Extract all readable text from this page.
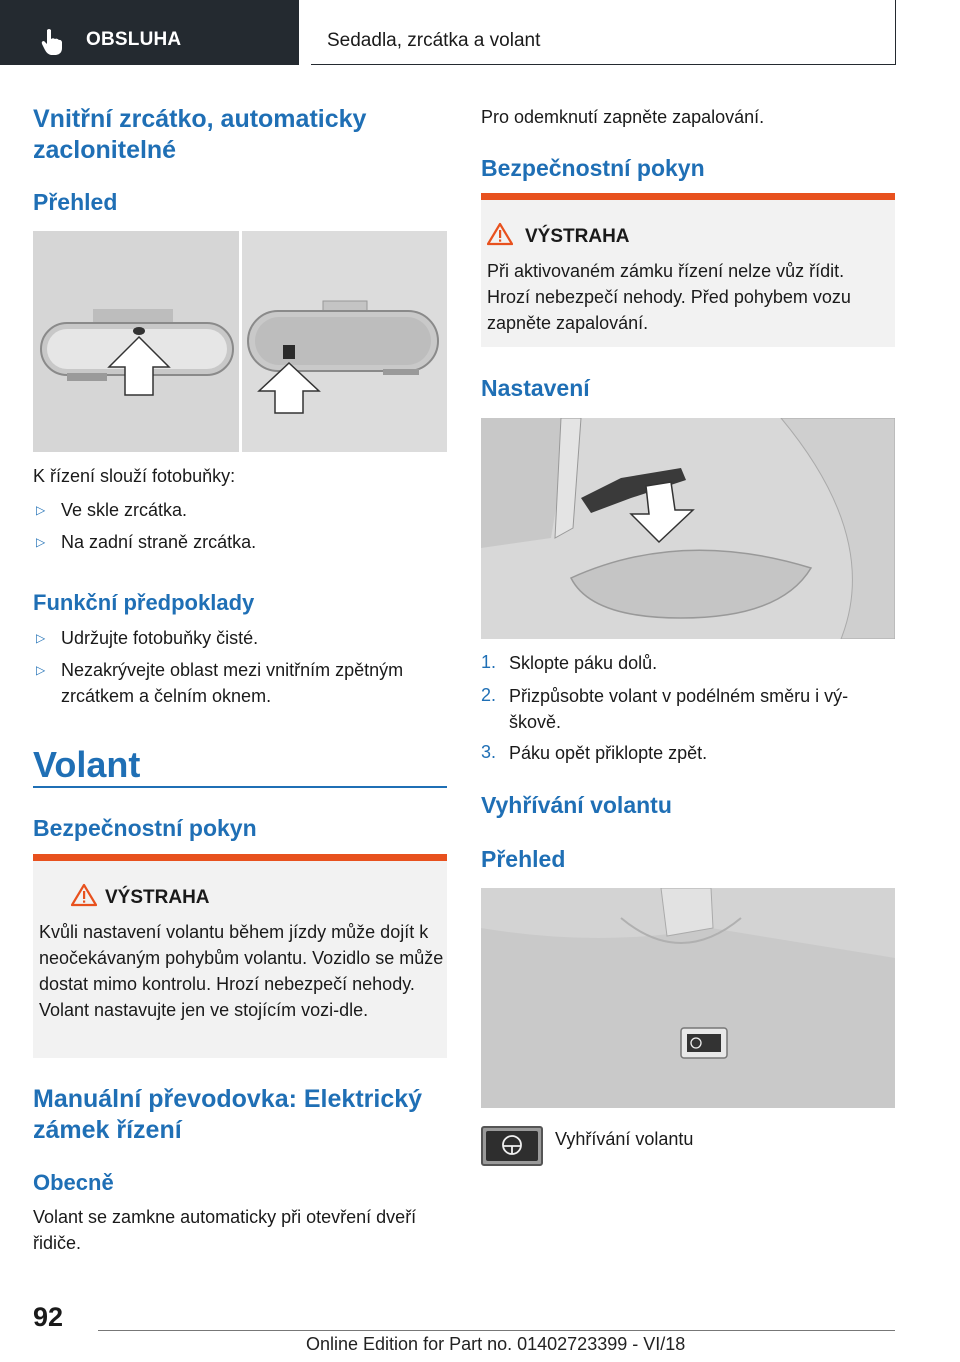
OBSLUHA	Sedadla, zrcátka a volant
Vnitřní zrcátko, automaticky zaclonitelné
Přehled
K řízení slouží fotobuňky:
▷ Ve skle zrcátka.
▷ Na zadní straně zrcátka.
Funkční předpoklady
▷ Udržujte fotobuňky čisté.
▷ Nezakrývejte oblast mezi vnitřním zpětným zrcátkem a čelním oknem.
Volant
Bezpečnostní pokyn
VÝSTRAHA
Kvůli nastavení volantu během jízdy může dojít k neočekávaným pohybům volantu. Vozidlo se může dostat mimo kontrolu. Hrozí nebezpečí nehody. Volant nastavujte jen ve stojícím vozi-dle.
Manuální převodovka: Elektrický zámek řízení
Obecně
Volant se zamkne automaticky při otevření dveří řidiče.
Pro odemknutí zapněte zapalování.
Bezpečnostní pokyn
VÝSTRAHA
Při aktivovaném zámku řízení nelze vůz řídit. Hrozí nebezpečí nehody. Před pohybem vozu zapněte zapalování.
Nastavení
1. Sklopte páku dolů.
2. Přizpůsobte volant v podélném směru i vý-škově.
3. Páku opět přiklopte zpět.
Vyhřívání volantu
Přehled
Vyhřívání volantu
92
Online Edition for Part no. 01402723399 - VI/18
